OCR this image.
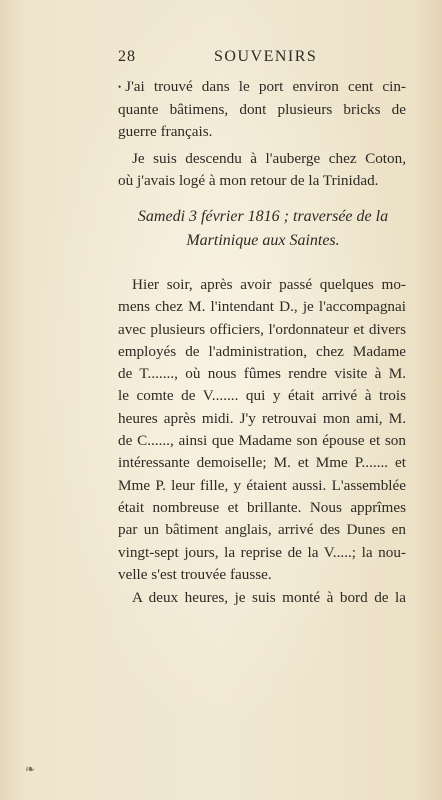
28	SOUVENIRS
• J'ai trouvé dans le port environ cent cin-
quante bâtimens, dont plusieurs bricks de
guerre français.
Je suis descendu à l'auberge chez Coton,
où j'avais logé à mon retour de la Trinidad.
Samedi 3 février 1816 ; traversée de la
Martinique aux Saintes.
Hier soir, après avoir passé quelques mo-
mens chez M. l'intendant D., je l'accompagnai
avec plusieurs officiers, l'ordonnateur et divers
employés de l'administration, chez Madame
de T......., où nous fûmes rendre visite à M.
le comte de V....... qui y était arrivé à trois
heures après midi. J'y retrouvai mon ami, M.
de C......, ainsi que Madame son épouse et son
intéressante demoiselle; M. et Mme P....... et
Mme P. leur fille, y étaient aussi. L'assemblée
était nombreuse et brillante. Nous apprîmes
par un bâtiment anglais, arrivé des Dunes en
vingt-sept jours, la reprise de la V.....; la nou-
velle s'est trouvée fausse.
A deux heures, je suis monté à bord de la
❧
